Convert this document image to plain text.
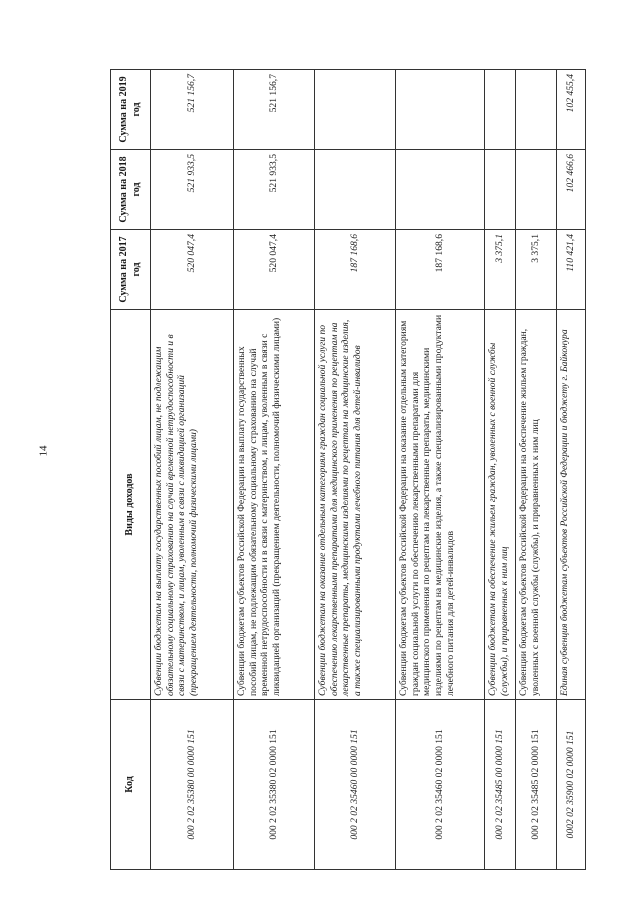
14
Код	Виды доходов	Сумма на 2017 год	Сумма на 2018 год	Сумма на 2019 год
000 2 02 35380 00 0000 151	Субвенции бюджетам на выплату государственных пособий лицам, не подлежащим обязательному социальному страхованию на случай временной нетрудоспособности и в связи с материнством, и лицам, уволенным в связи с ликвидацией организаций (прекращением деятельности, полномочий физическими лицами)	520 047,4	521 933,5	521 156,7
000 2 02 35380 02 0000 151	Субвенции бюджетам субъектов Российской Федерации на выплату государственных пособий лицам, не подлежащим обязательному социальному страхованию на случай временной нетрудоспособности и в связи с материнством, и лицам, уволенным в связи с ликвидацией организаций (прекращением деятельности, полномочий физическими лицами)	520 047,4	521 933,5	521 156,7
000 2 02 35460 00 0000 151	Субвенции бюджетам на оказание отдельным категориям граждан социальной услуги по обеспечению лекарственными препаратами для медицинского применения по рецептам на лекарственные препараты, медицинскими изделиями по рецептам на медицинские изделия, а также специализированными продуктами лечебного питания для детей-инвалидов	187 168,6		
000 2 02 35460 02 0000 151	Субвенции бюджетам субъектов Российской Федерации на оказание отдельным категориям граждан социальной услуги по обеспечению лекарственными препаратами для медицинского применения по рецептам на лекарственные препараты, медицинскими изделиями по рецептам на медицинские изделия, а также специализированными продуктами лечебного питания для детей-инвалидов	187 168,6		
000 2 02 35485 00 0000 151	Субвенции бюджетам на обеспечение жильем граждан, уволенных с военной службы (службы), и приравненных к ним лиц	3 375,1		
000 2 02 35485 02 0000 151	Субвенции бюджетам субъектов Российской Федерации на обеспечение жильем граждан, уволенных с военной службы (службы), и приравненных к ним лиц	3 375,1		
0002 02 35900 02 0000 151	Единая субвенция бюджетам субъектов Российской Федерации и бюджету г. Байконура	110 421,4	102 466,6	102 455,4
